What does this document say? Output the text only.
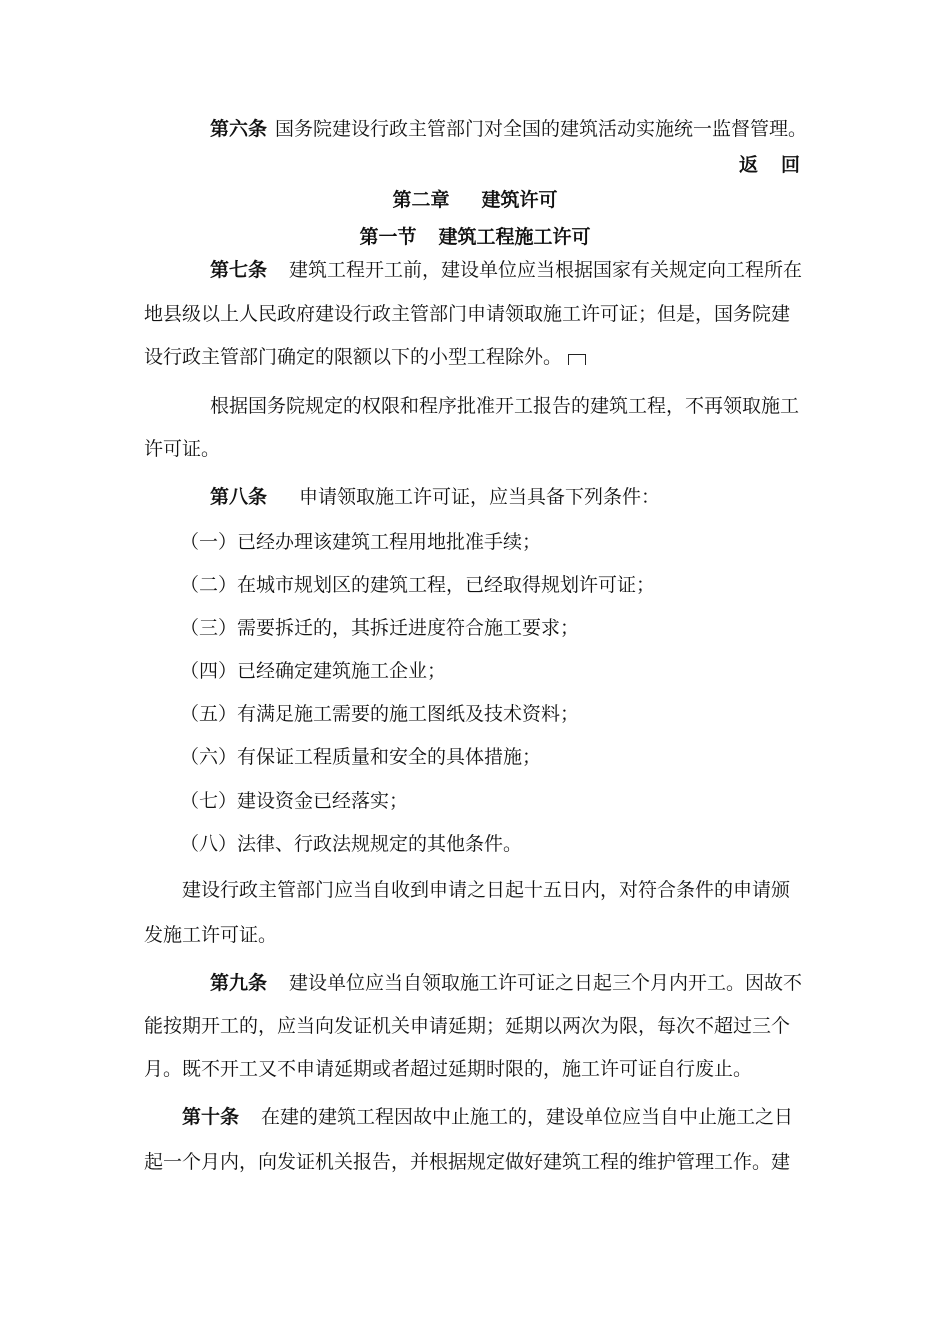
第六条 国务院建设行政主管部门对全国的建筑活动实施统一监督管理。

返　回

第二章 建筑许可

第一节 建筑工程施工许可

第七条 建筑工程开工前，建设单位应当根据国家有关规定向工程所在

地县级以上人民政府建设行政主管部门申请领取施工许可证；但是，国务院建

设行政主管部门确定的限额以下的小型工程除外。

根据国务院规定的权限和程序批准开工报告的建筑工程，不再领取施工

许可证。

第八条 申请领取施工许可证，应当具备下列条件：

（一）已经办理该建筑工程用地批准手续；

（二）在城市规划区的建筑工程，已经取得规划许可证；

（三）需要拆迁的，其拆迁进度符合施工要求；

（四）已经确定建筑施工企业；

（五）有满足施工需要的施工图纸及技术资料；

（六）有保证工程质量和安全的具体措施；

（七）建设资金已经落实；

（八）法律、行政法规规定的其他条件。

建设行政主管部门应当自收到申请之日起十五日内，对符合条件的申请颁

发施工许可证。

第九条 建设单位应当自领取施工许可证之日起三个月内开工。因故不

能按期开工的，应当向发证机关申请延期；延期以两次为限，每次不超过三个

月。既不开工又不申请延期或者超过延期时限的，施工许可证自行废止。

第十条 在建的建筑工程因故中止施工的，建设单位应当自中止施工之日

起一个月内，向发证机关报告，并根据规定做好建筑工程的维护管理工作。建
